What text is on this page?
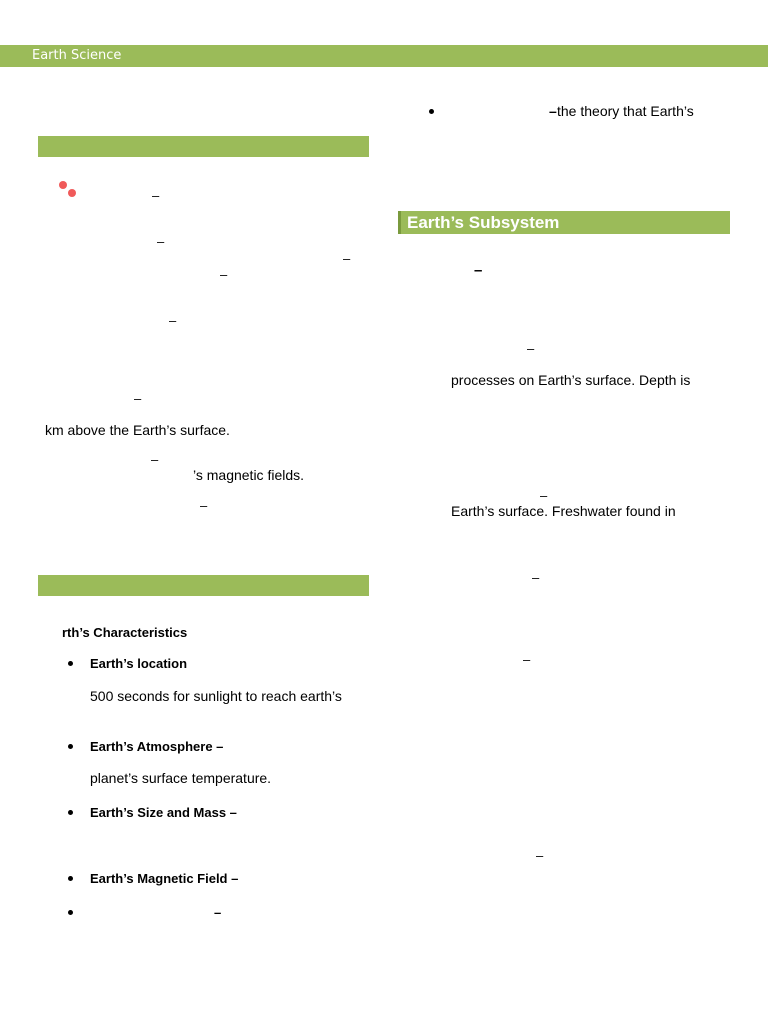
Earth Science
–
–
–
–
–
–
km above the Earth’s surface.
–
’s magnetic fields.
–
rth’s Characteristics
Earth’s location
500 seconds for sunlight to reach earth’s
Earth’s Atmosphere –
planet’s surface temperature.
Earth’s Size and Mass –
Earth’s Magnetic Field –
–
– the theory that Earth’s
Earth’s Subsystem
–
–
processes on Earth’s surface. Depth is
–
Earth’s surface. Freshwater found in
–
–
–
